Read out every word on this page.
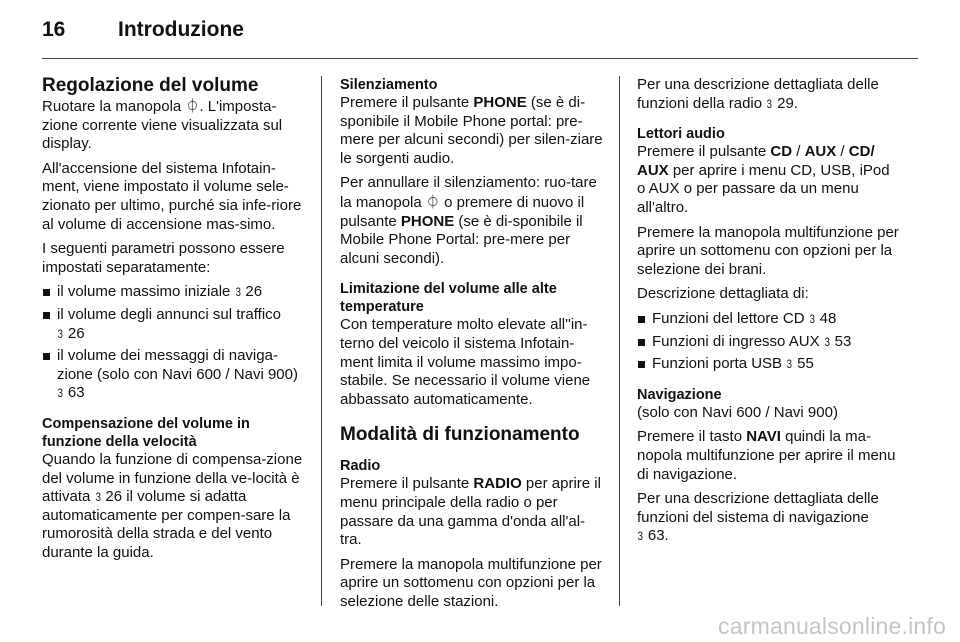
16	Introduzione
Regolazione del volume

Ruotare la manopola ⏀. L'imposta-zione corrente viene visualizzata sul display.

All'accensione del sistema Infotain-ment, viene impostato il volume sele-zionato per ultimo, purché sia infe-riore al volume di accensione mas-simo.

I seguenti parametri possono essere impostati separatamente:

il volume massimo iniziale 3 26
il volume degli annunci sul traffico 3 26
il volume dei messaggi di naviga-zione (solo con Navi 600 / Navi 900) 3 63
Compensazione del volume in funzione della velocità

Quando la funzione di compensa-zione del volume in funzione della ve-locità è attivata 3 26 il volume si adatta automaticamente per compen-sare la rumorosità della strada e del vento durante la guida.

Silenziamento

Premere il pulsante PHONE (se è di-sponibile il Mobile Phone portal: pre-mere per alcuni secondi) per silen-ziare le sorgenti audio.

Per annullare il silenziamento: ruo-tare la manopola ⏀ o premere di nuovo il pulsante PHONE (se è di-sponibile il Mobile Phone Portal: pre-mere per alcuni secondi).

Limitazione del volume alle alte temperature

Con temperature molto elevate all''in-terno del veicolo il sistema Infotain-ment limita il volume massimo impo-stabile. Se necessario il volume viene abbassato automaticamente.

Modalità di funzionamento
Radio

Premere il pulsante RADIO per aprire il menu principale della radio o per passare da una gamma d'onda all'al-tra.

Premere la manopola multifunzione per aprire un sottomenu con opzioni per la selezione delle stazioni.

Per una descrizione dettagliata delle funzioni della radio 3 29.

Lettori audio

Premere il pulsante CD / AUX / CD/ AUX per aprire i menu CD, USB, iPod o AUX o per passare da un menu all'altro.

Premere la manopola multifunzione per aprire un sottomenu con opzioni per la selezione dei brani.

Descrizione dettagliata di:

Funzioni del lettore CD 3 48
Funzioni di ingresso AUX 3 53
Funzioni porta USB 3 55
Navigazione

(solo con Navi 600 / Navi 900)

Premere il tasto NAVI quindi la ma-nopola multifunzione per aprire il menu di navigazione.

Per una descrizione dettagliata delle funzioni del sistema di navigazione 3 63.

carmanualsonline.info
